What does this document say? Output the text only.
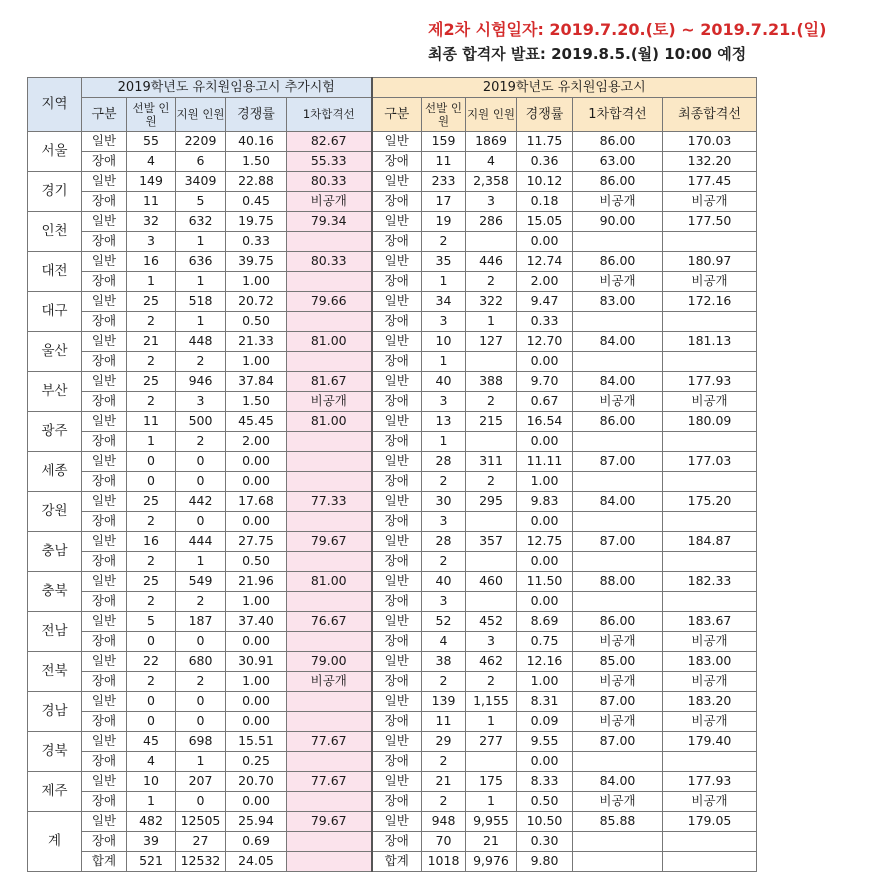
제2차 시험일자: 2019.7.20.(토) ~ 2019.7.21.(일)
최종 합격자 발표: 2019.8.5.(월) 10:00 예정
지역	2019학년도 유치원임용고시 추가시험					2019학년도 유치원임용고시					
	구분	선발 인원	지원 인원	경쟁률	1차합격선	구분	선발 인원	지원 인원	경쟁률	1차합격선	최종합격선
서울	일반	55	2209	40.16	82.67	일반	159	1869	11.75	86.00	170.03
	장애	4	6	1.50	55.33	장애	11	4	0.36	63.00	132.20
경기	일반	149	3409	22.88	80.33	일반	233	2,358	10.12	86.00	177.45
	장애	11	5	0.45	비공개	장애	17	3	0.18	비공개	비공개
인천	일반	32	632	19.75	79.34	일반	19	286	15.05	90.00	177.50
	장애	3	1	0.33		장애	2		0.00		
대전	일반	16	636	39.75	80.33	일반	35	446	12.74	86.00	180.97
	장애	1	1	1.00		장애	1	2	2.00	비공개	비공개
대구	일반	25	518	20.72	79.66	일반	34	322	9.47	83.00	172.16
	장애	2	1	0.50		장애	3	1	0.33		
울산	일반	21	448	21.33	81.00	일반	10	127	12.70	84.00	181.13
	장애	2	2	1.00		장애	1		0.00		
부산	일반	25	946	37.84	81.67	일반	40	388	9.70	84.00	177.93
	장애	2	3	1.50	비공개	장애	3	2	0.67	비공개	비공개
광주	일반	11	500	45.45	81.00	일반	13	215	16.54	86.00	180.09
	장애	1	2	2.00		장애	1		0.00		
세종	일반	0	0	0.00		일반	28	311	11.11	87.00	177.03
	장애	0	0	0.00		장애	2	2	1.00		
강원	일반	25	442	17.68	77.33	일반	30	295	9.83	84.00	175.20
	장애	2	0	0.00		장애	3		0.00		
충남	일반	16	444	27.75	79.67	일반	28	357	12.75	87.00	184.87
	장애	2	1	0.50		장애	2		0.00		
충북	일반	25	549	21.96	81.00	일반	40	460	11.50	88.00	182.33
	장애	2	2	1.00		장애	3		0.00		
전남	일반	5	187	37.40	76.67	일반	52	452	8.69	86.00	183.67
	장애	0	0	0.00		장애	4	3	0.75	비공개	비공개
전북	일반	22	680	30.91	79.00	일반	38	462	12.16	85.00	183.00
	장애	2	2	1.00	비공개	장애	2	2	1.00	비공개	비공개
경남	일반	0	0	0.00		일반	139	1,155	8.31	87.00	183.20
	장애	0	0	0.00		장애	11	1	0.09	비공개	비공개
경북	일반	45	698	15.51	77.67	일반	29	277	9.55	87.00	179.40
	장애	4	1	0.25		장애	2		0.00		
제주	일반	10	207	20.70	77.67	일반	21	175	8.33	84.00	177.93
	장애	1	0	0.00		장애	2	1	0.50	비공개	비공개
계	일반	482	12505	25.94	79.67	일반	948	9,955	10.50	85.88	179.05
	장애	39	27	0.69		장애	70	21	0.30		
	합계	521	12532	24.05		합계	1018	9,976	9.80		
